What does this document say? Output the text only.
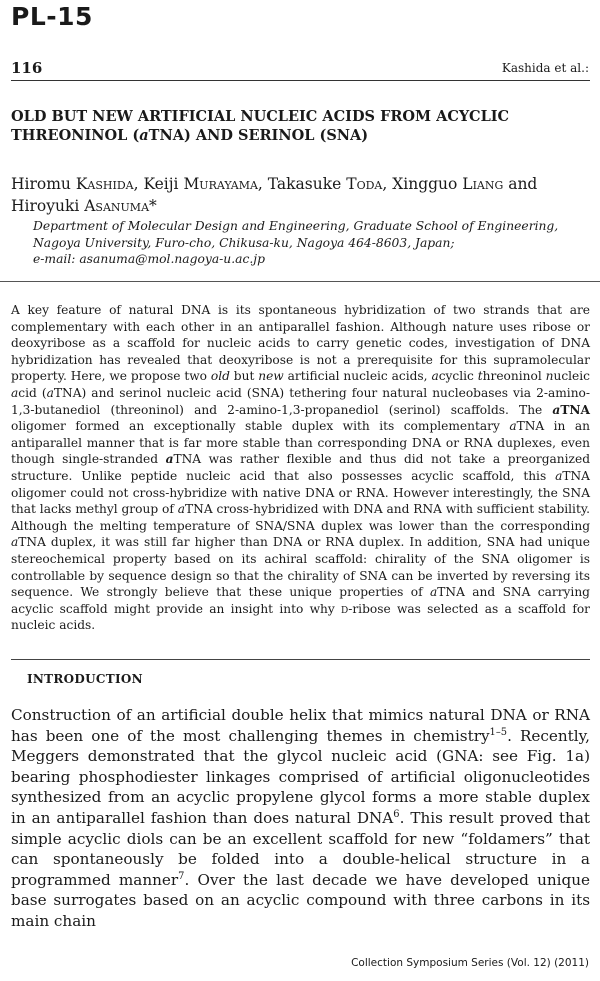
PL-15
116	Kashida et al.:
OLD BUT NEW ARTIFICIAL NUCLEIC ACIDS FROM ACYCLIC THREONINOL (aTNA) AND SERINOL (SNA)
Hiromu Kashida, Keiji Murayama, Takasuke Toda, Xingguo Liang and Hiroyuki Asanuma*
Department of Molecular Design and Engineering, Graduate School of Engineering,
Nagoya University, Furo-cho, Chikusa-ku, Nagoya 464-8603, Japan;
e-mail: asanuma@mol.nagoya-u.ac.jp

A key feature of natural DNA is its spontaneous hybridization of two strands that are complementary with each other in an antiparallel fashion. Although nature uses ribose or deoxyribose as a scaffold for nucleic acids to carry genetic codes, investigation of DNA hybridization has revealed that deoxyribose is not a prerequisite for this supramolecular property. Here, we propose two old but new artificial nucleic acids, acyclic threoninol nucleic acid (aTNA) and serinol nucleic acid (SNA) tethering four natural nucleobases via 2-amino-1,3-butanediol (threoninol) and 2-amino-1,3-propanediol (serinol) scaffolds. The aTNA oligomer formed an exceptionally stable duplex with its complementary aTNA in an antiparallel manner that is far more stable than corresponding DNA or RNA duplexes, even though single-stranded aTNA was rather flexible and thus did not take a preorganized structure. Unlike peptide nucleic acid that also possesses acyclic scaffold, this aTNA oligomer could not cross-hybridize with native DNA or RNA. However interestingly, the SNA that lacks methyl group of aTNA cross-hybridized with DNA and RNA with sufficient stability. Although the melting temperature of SNA/SNA duplex was lower than the corresponding aTNA duplex, it was still far higher than DNA or RNA duplex. In addition, SNA had unique stereochemical property based on its achiral scaffold: chirality of the SNA oligomer is controllable by sequence design so that the chirality of SNA can be inverted by reversing its sequence. We strongly believe that these unique properties of aTNA and SNA carrying acyclic scaffold might provide an insight into why d-ribose was selected as a scaffold for nucleic acids.

INTRODUCTION

Construction of an artificial double helix that mimics natural DNA or RNA has been one of the most challenging themes in chemistry$^{1-5}$. Recently, Meggers demonstrated that the glycol nucleic acid (GNA: see Fig. 1a) bearing phosphodiester linkages comprised of artificial oligonucleotides synthesized from an acyclic propylene glycol forms a more stable duplex in an antiparallel fashion than does natural DNA$^6$. This result proved that simple acyclic diols can be an excellent scaffold for new “foldamers” that can spontaneously be folded into a double-helical structure in a programmed manner$^7$. Over the last decade we have developed unique base surrogates based on an acyclic compound with three carbons in its main chain

Collection Symposium Series (Vol. 12) (2011)
